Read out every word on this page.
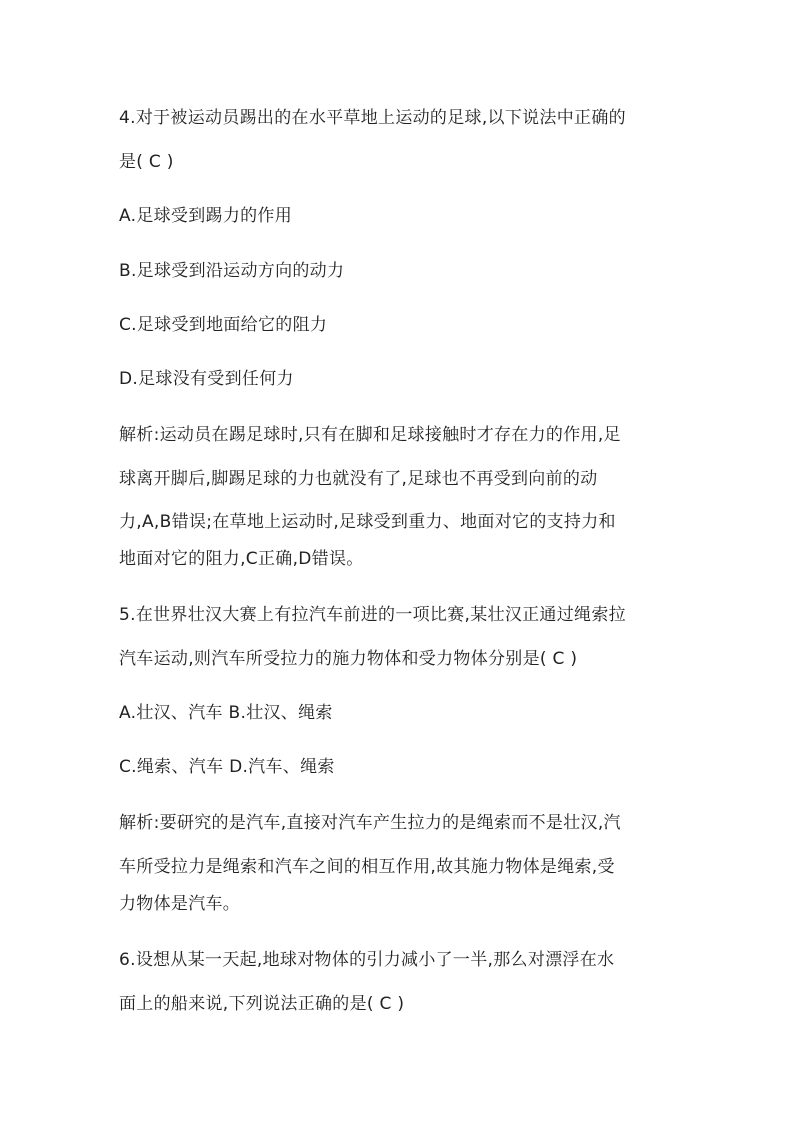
4.对于被运动员踢出的在水平草地上运动的足球,以下说法中正确的
是( C )
A.足球受到踢力的作用
B.足球受到沿运动方向的动力
C.足球受到地面给它的阻力
D.足球没有受到任何力
解析:运动员在踢足球时,只有在脚和足球接触时才存在力的作用,足
球离开脚后,脚踢足球的力也就没有了,足球也不再受到向前的动
力,A,B错误;在草地上运动时,足球受到重力、地面对它的支持力和
地面对它的阻力,C正确,D错误。
5.在世界壮汉大赛上有拉汽车前进的一项比赛,某壮汉正通过绳索拉
汽车运动,则汽车所受拉力的施力物体和受力物体分别是( C )
A.壮汉、汽车 B.壮汉、绳索
C.绳索、汽车 D.汽车、绳索
解析:要研究的是汽车,直接对汽车产生拉力的是绳索而不是壮汉,汽
车所受拉力是绳索和汽车之间的相互作用,故其施力物体是绳索,受
力物体是汽车。
6.设想从某一天起,地球对物体的引力减小了一半,那么对漂浮在水
面上的船来说,下列说法正确的是( C )
